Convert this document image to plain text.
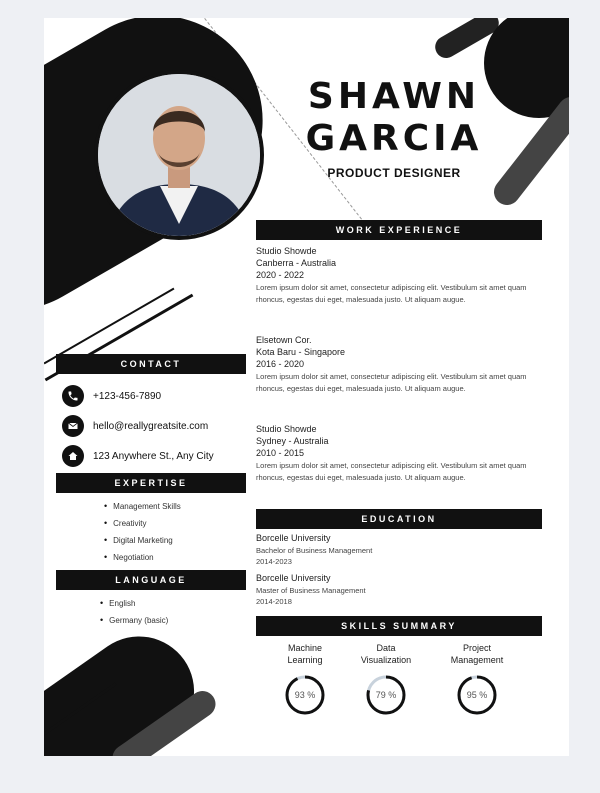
SHAWN
GARCIA
PRODUCT DESIGNER
WORK EXPERIENCE
Studio Showde
Canberra - Australia
2020 - 2022
Lorem ipsum dolor sit amet, consectetur adipiscing elit. Vestibulum sit amet quam rhoncus, egestas dui eget, malesuada justo. Ut aliquam augue.
Elsetown Cor.
Kota Baru - Singapore
2016 - 2020
Lorem ipsum dolor sit amet, consectetur adipiscing elit. Vestibulum sit amet quam rhoncus, egestas dui eget, malesuada justo. Ut aliquam augue.
Studio Showde
Sydney - Australia
2010 - 2015
Lorem ipsum dolor sit amet, consectetur adipiscing elit. Vestibulum sit amet quam rhoncus, egestas dui eget, malesuada justo. Ut aliquam augue.
CONTACT
+123-456-7890
hello@reallygreatsite.com
123 Anywhere St., Any City
EXPERTISE
• Management Skills
• Creativity
• Digital Marketing
• Negotiation
LANGUAGE
• English
• Germany (basic)
EDUCATION
Borcelle University
Bachelor of Business Management
2014-2023
Borcelle University
Master of Business Management
2014-2018
SKILLS SUMMARY
Machine
Learning
93 %
Data
Visualization
79 %
Project
Management
95 %
